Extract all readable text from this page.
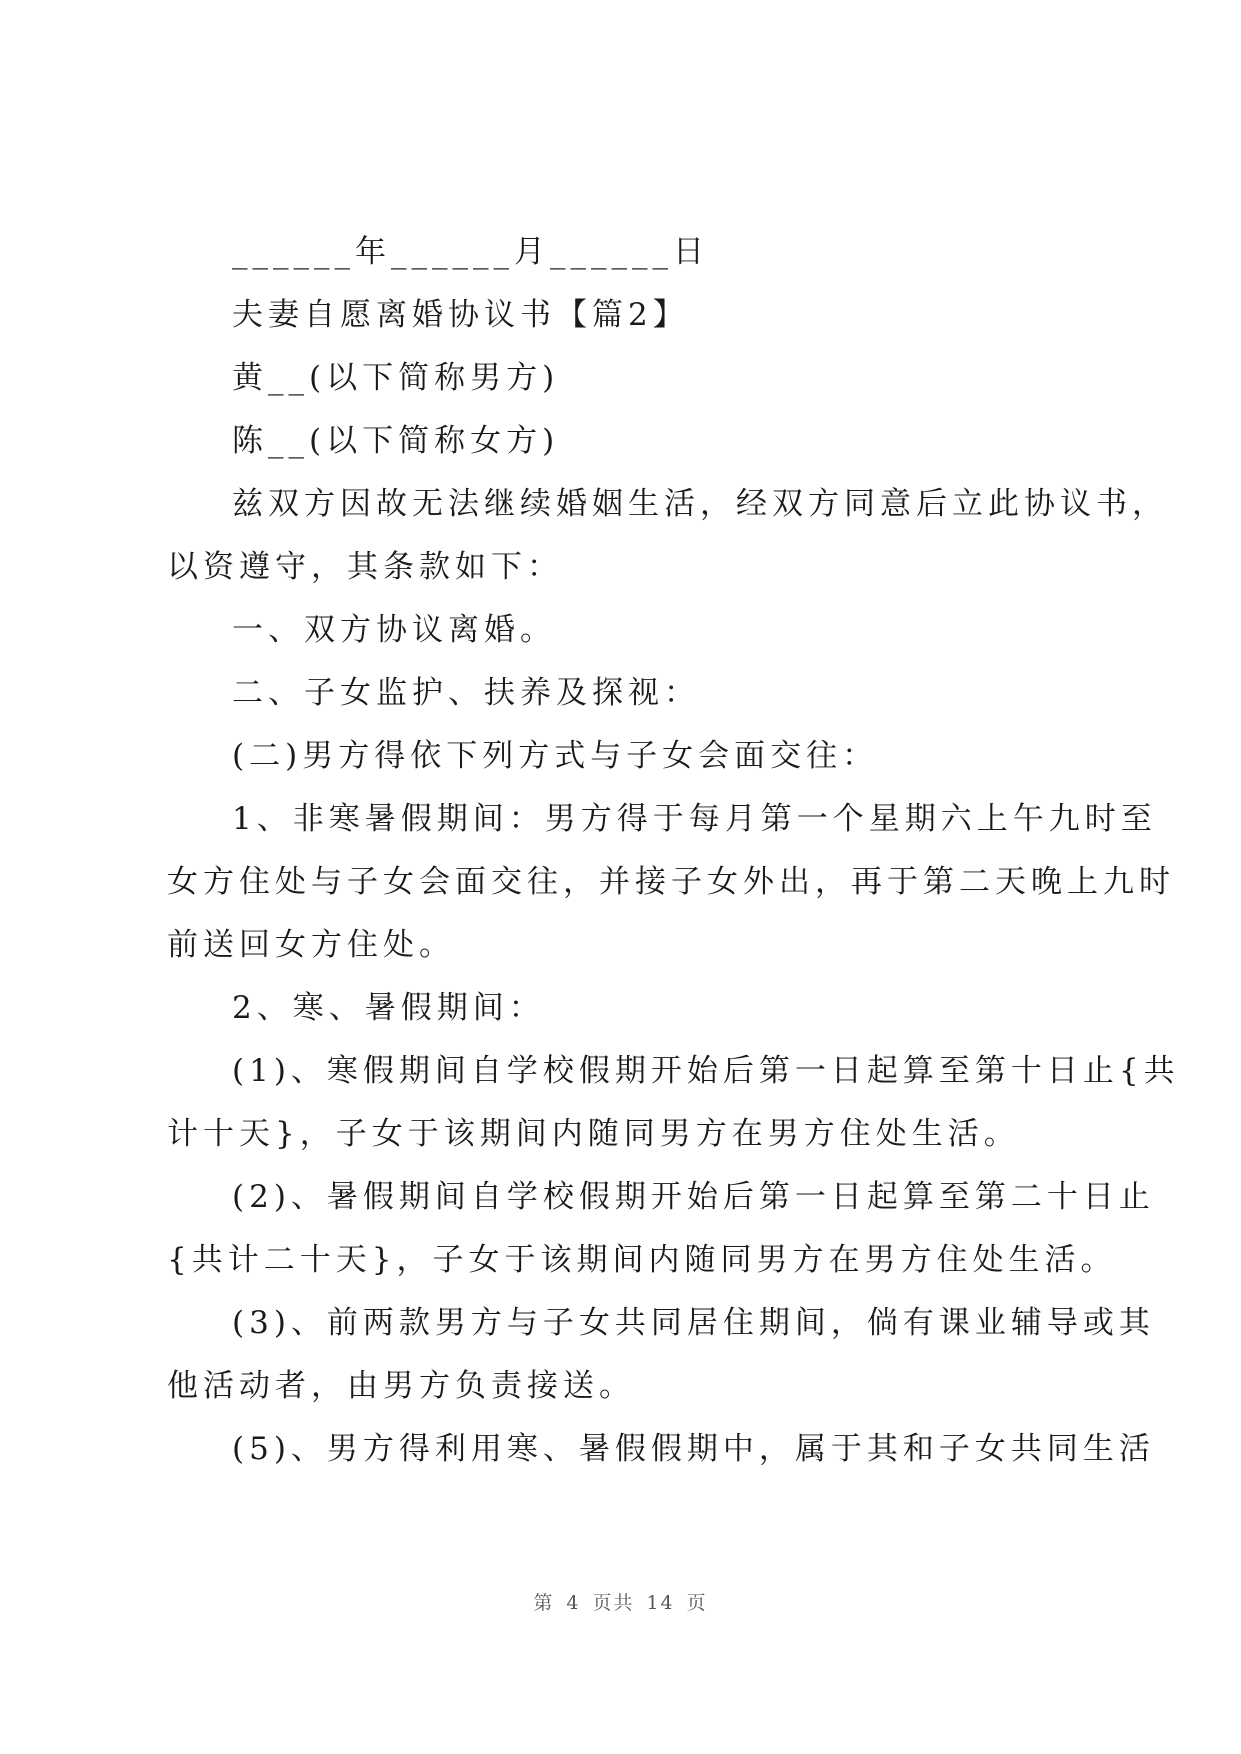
______年______月______日
夫妻自愿离婚协议书【篇2】
黄__(以下简称男方)
陈__(以下简称女方)
兹双方因故无法继续婚姻生活，经双方同意后立此协议书，
以资遵守，其条款如下：
一、双方协议离婚。
二、子女监护、扶养及探视：
(二)男方得依下列方式与子女会面交往：
1、非寒暑假期间：男方得于每月第一个星期六上午九时至
女方住处与子女会面交往，并接子女外出，再于第二天晚上九时
前送回女方住处。
2、寒、暑假期间：
(1)、寒假期间自学校假期开始后第一日起算至第十日止{共
计十天}，子女于该期间内随同男方在男方住处生活。
(2)、暑假期间自学校假期开始后第一日起算至第二十日止
{共计二十天}，子女于该期间内随同男方在男方住处生活。
(3)、前两款男方与子女共同居住期间，倘有课业辅导或其
他活动者，由男方负责接送。
(5)、男方得利用寒、暑假假期中，属于其和子女共同生活
第 4 页共 14 页
